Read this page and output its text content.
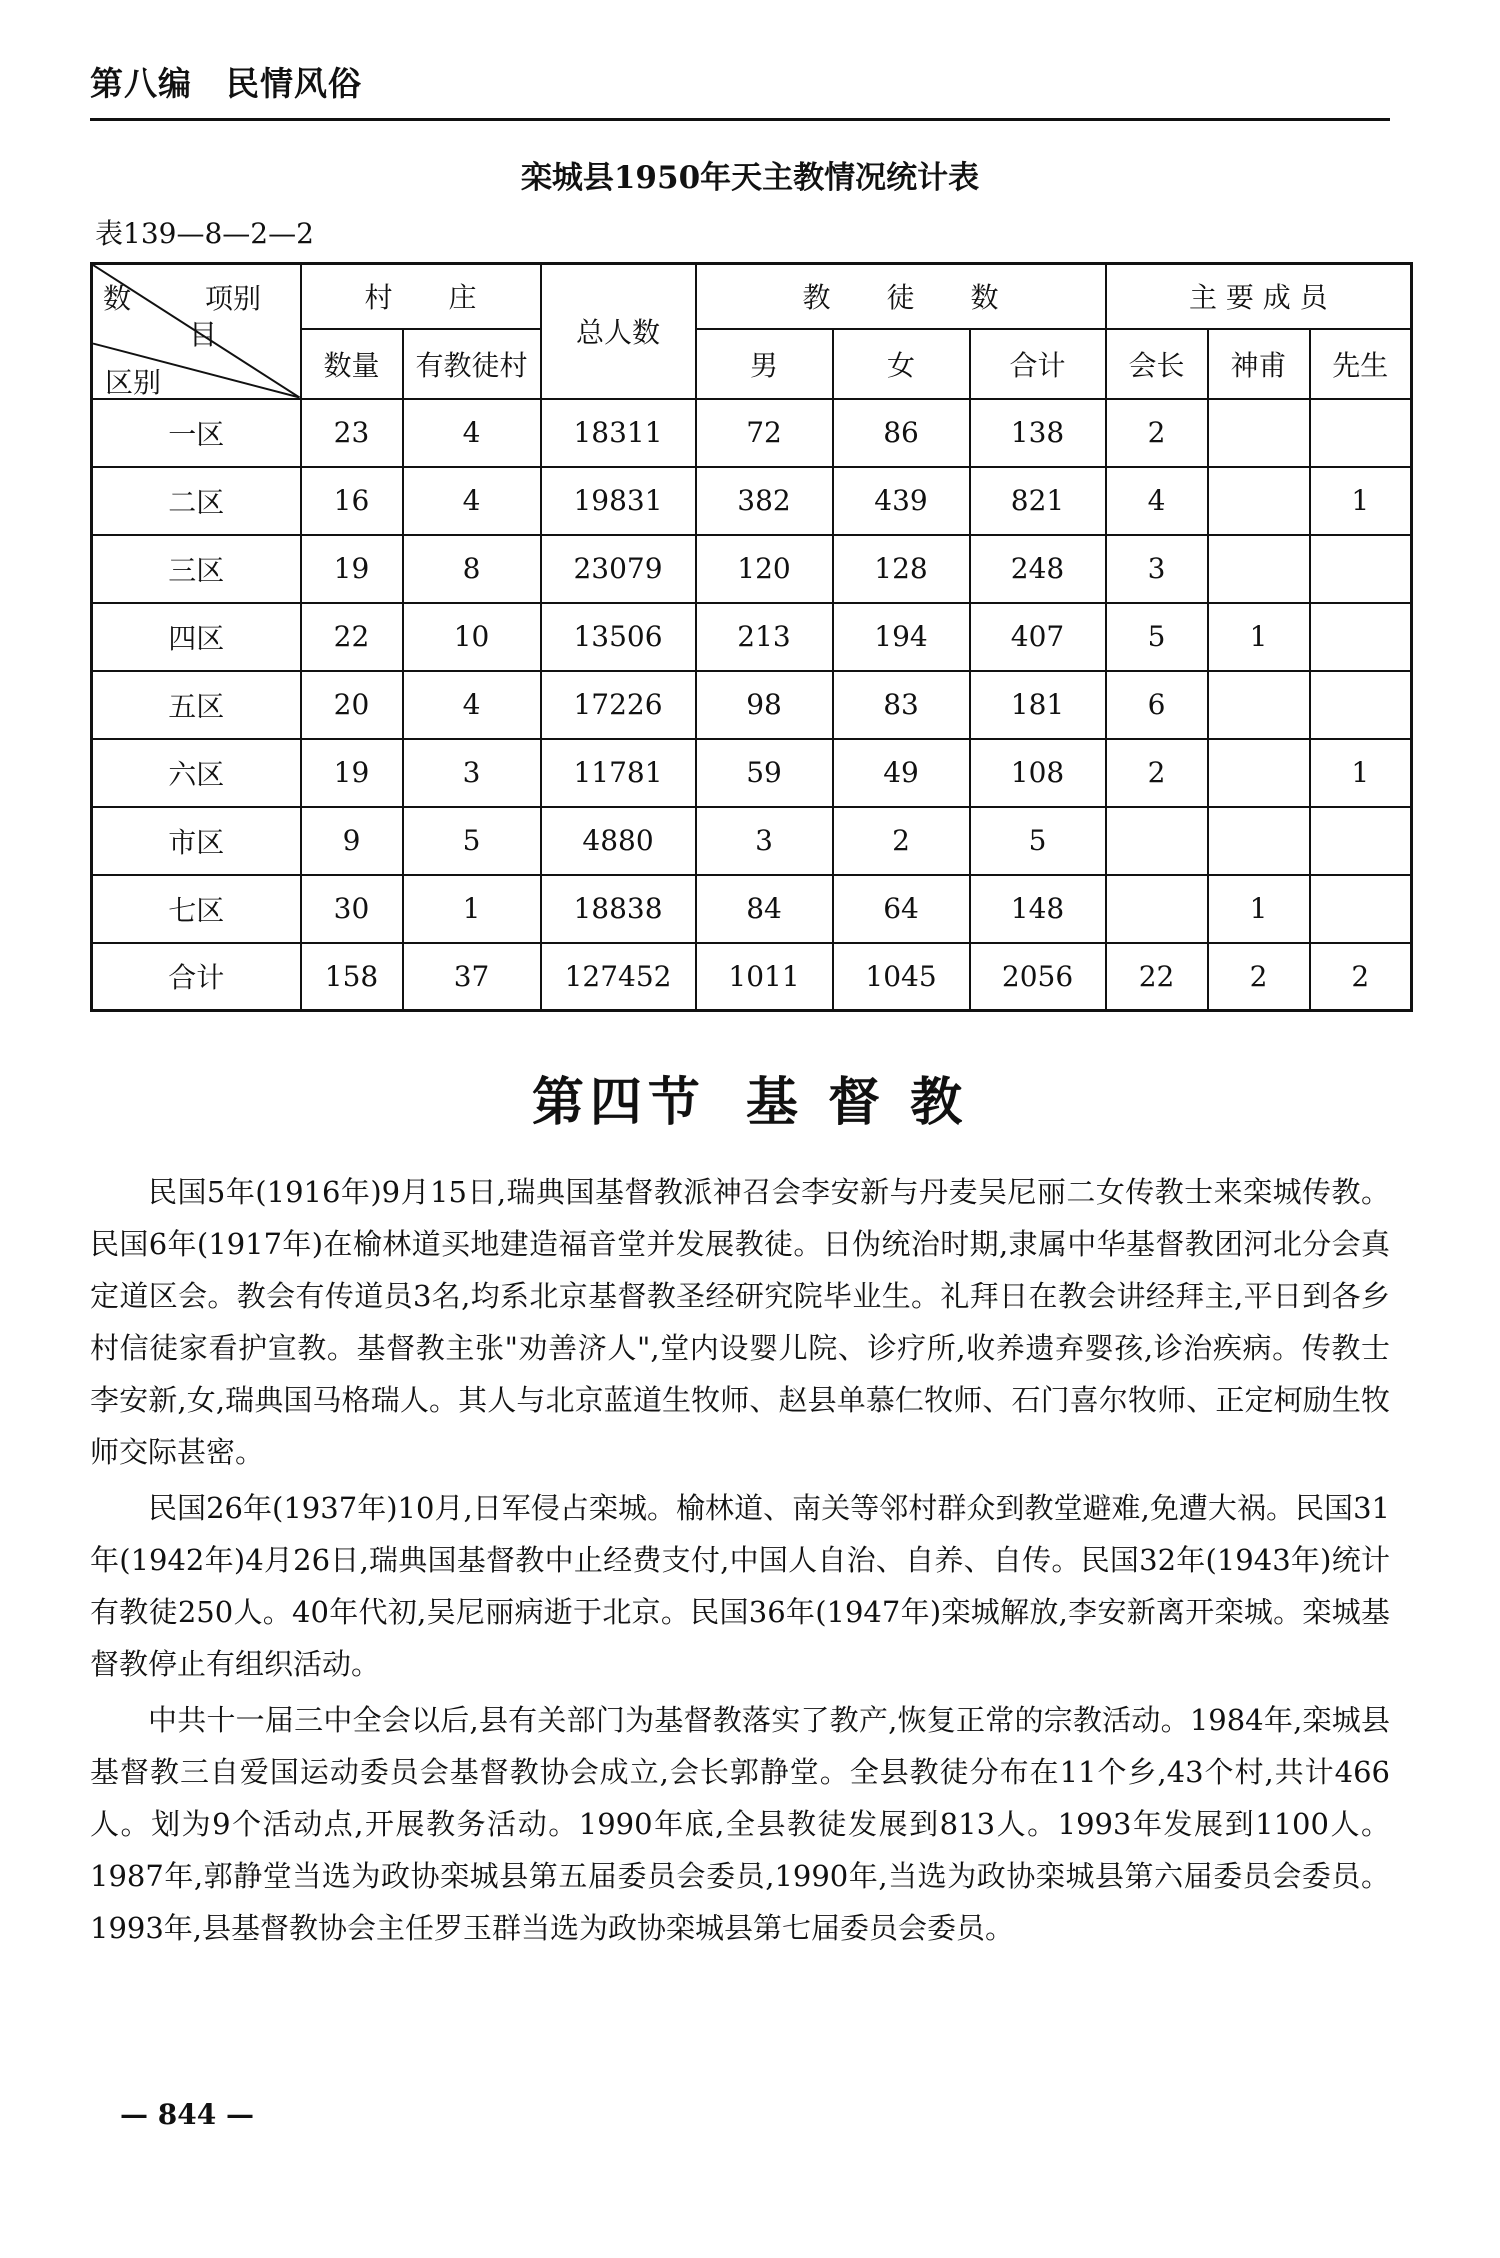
第八编 民情风俗
栾城县1950年天主教情况统计表
表139—8—2—2
项别
目
区别
数	村　　庄		总人数	教　　徒　　数			主 要 成 员		
	数量	有教徒村		男	女	合计	会长	神甫	先生
一区	23	4	18311	72	86	138	2		
二区	16	4	19831	382	439	821	4		1
三区	19	8	23079	120	128	248	3		
四区	22	10	13506	213	194	407	5	1	
五区	20	4	17226	98	83	181	6		
六区	19	3	11781	59	49	108	2		1
市区	9	5	4880	3	2	5			
七区	30	1	18838	84	64	148		1	
合计	158	37	127452	1011	1045	2056	22	2	2
第四节 基 督 教

民国5年(1916年)9月15日,瑞典国基督教派神召会李安新与丹麦吴尼丽二女传教士来栾城传教。民国6年(1917年)在榆林道买地建造福音堂并发展教徒。日伪统治时期,隶属中华基督教团河北分会真定道区会。教会有传道员3名,均系北京基督教圣经研究院毕业生。礼拜日在教会讲经拜主,平日到各乡村信徒家看护宣教。基督教主张"劝善济人",堂内设婴儿院、诊疗所,收养遗弃婴孩,诊治疾病。传教士李安新,女,瑞典国马格瑞人。其人与北京蓝道生牧师、赵县单慕仁牧师、石门喜尔牧师、正定柯励生牧师交际甚密。

民国26年(1937年)10月,日军侵占栾城。榆林道、南关等邻村群众到教堂避难,免遭大祸。民国31年(1942年)4月26日,瑞典国基督教中止经费支付,中国人自治、自养、自传。民国32年(1943年)统计有教徒250人。40年代初,吴尼丽病逝于北京。民国36年(1947年)栾城解放,李安新离开栾城。栾城基督教停止有组织活动。

中共十一届三中全会以后,县有关部门为基督教落实了教产,恢复正常的宗教活动。1984年,栾城县基督教三自爱国运动委员会基督教协会成立,会长郭静堂。全县教徒分布在11个乡,43个村,共计466人。划为9个活动点,开展教务活动。1990年底,全县教徒发展到813人。1993年发展到1100人。1987年,郭静堂当选为政协栾城县第五届委员会委员,1990年,当选为政协栾城县第六届委员会委员。1993年,县基督教协会主任罗玉群当选为政协栾城县第七届委员会委员。

— 844 —
